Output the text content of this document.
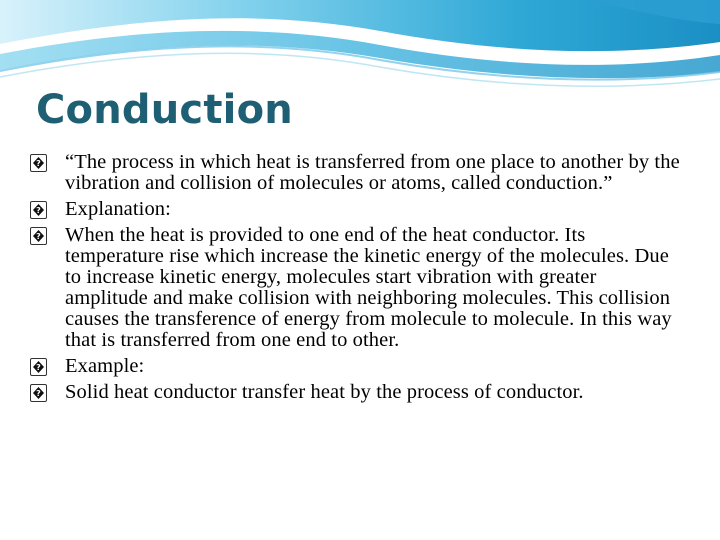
Conduction
? “The process in which heat is transferred from one place to another by the vibration and collision of molecules or atoms, called conduction.”
? Explanation:
? When the heat is provided to one end of the heat conductor. Its temperature rise which increase the kinetic energy of the molecules. Due to increase kinetic energy, molecules start vibration with greater amplitude and make collision with neighboring molecules. This collision causes the transference of energy from molecule to molecule. In this way that is transferred from one end to other.
? Example:
? Solid heat conductor transfer heat by the process of conductor.
